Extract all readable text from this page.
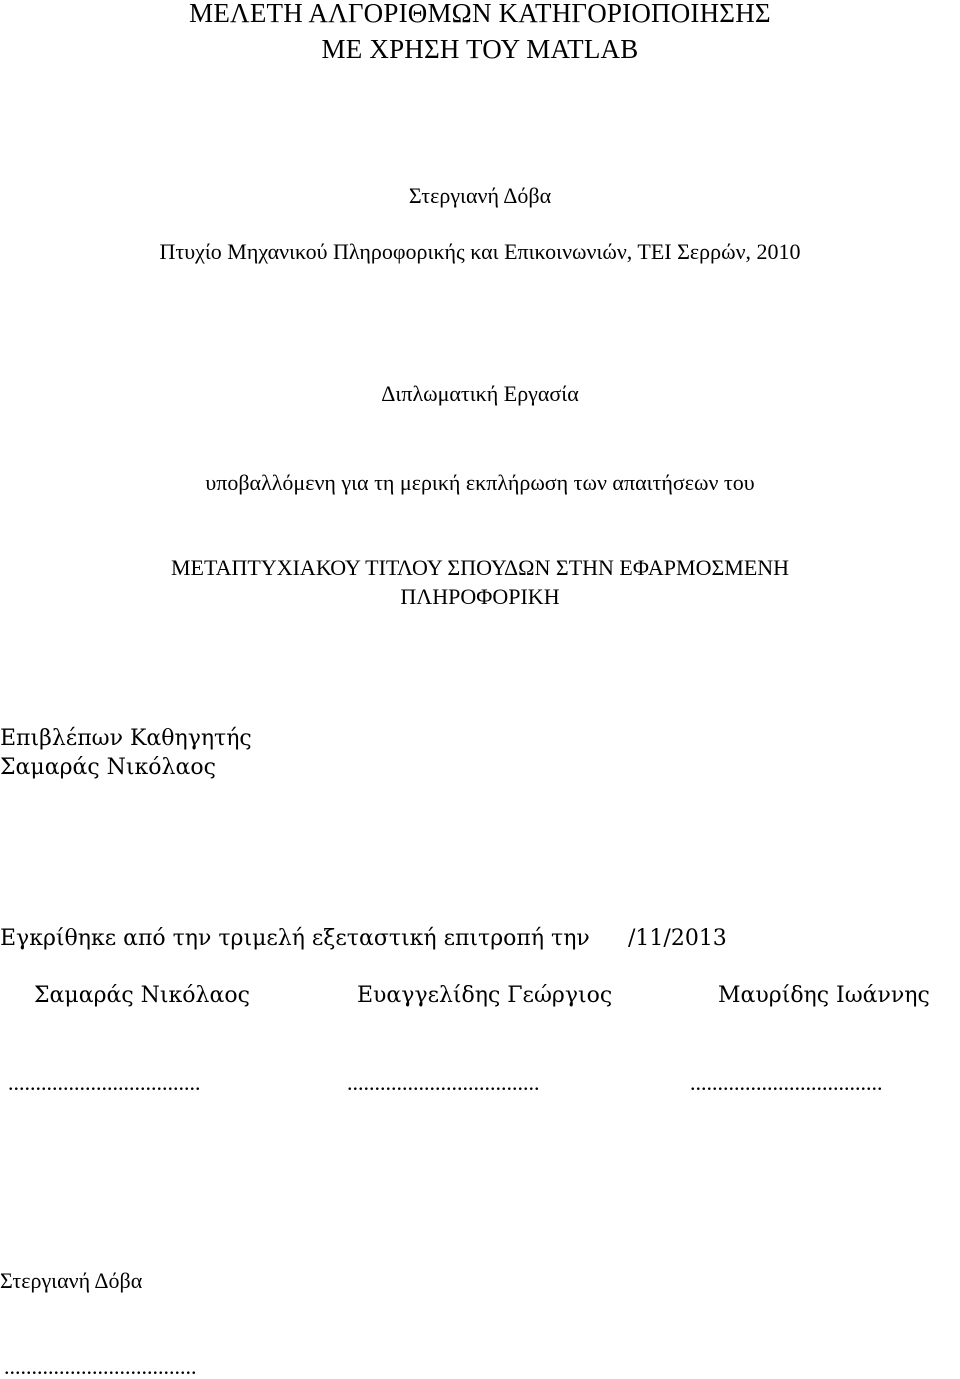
ΜΕΛΕΤΗ ΑΛΓΟΡΙΘΜΩΝ ΚΑΤΗΓΟΡΙΟΠΟΙΗΣΗΣ
ΜΕ ΧΡΗΣΗ ΤΟΥ MATLAB
Στεργιανή Δόβα
Πτυχίο Μηχανικού Πληροφορικής και Επικοινωνιών, ΤΕΙ Σερρών, 2010
Διπλωματική Εργασία
υποβαλλόμενη για τη μερική εκπλήρωση των απαιτήσεων του
ΜΕΤΑΠΤΥΧΙΑΚΟΥ ΤΙΤΛΟΥ ΣΠΟΥΔΩΝ ΣΤΗΝ ΕΦΑΡΜΟΣΜΕΝΗ
ΠΛΗΡΟΦΟΡΙΚΗ
Επιβλέπων Καθηγητής
Σαμαράς Νικόλαος
Εγκρίθηκε από την τριμελή εξεταστική επιτροπή την /11/2013
Σαμαράς Νικόλαος	Ευαγγελίδης Γεώργιος	Μαυρίδης Ιωάννης
...................................	...................................	...................................
Στεργιανή Δόβα
...................................
